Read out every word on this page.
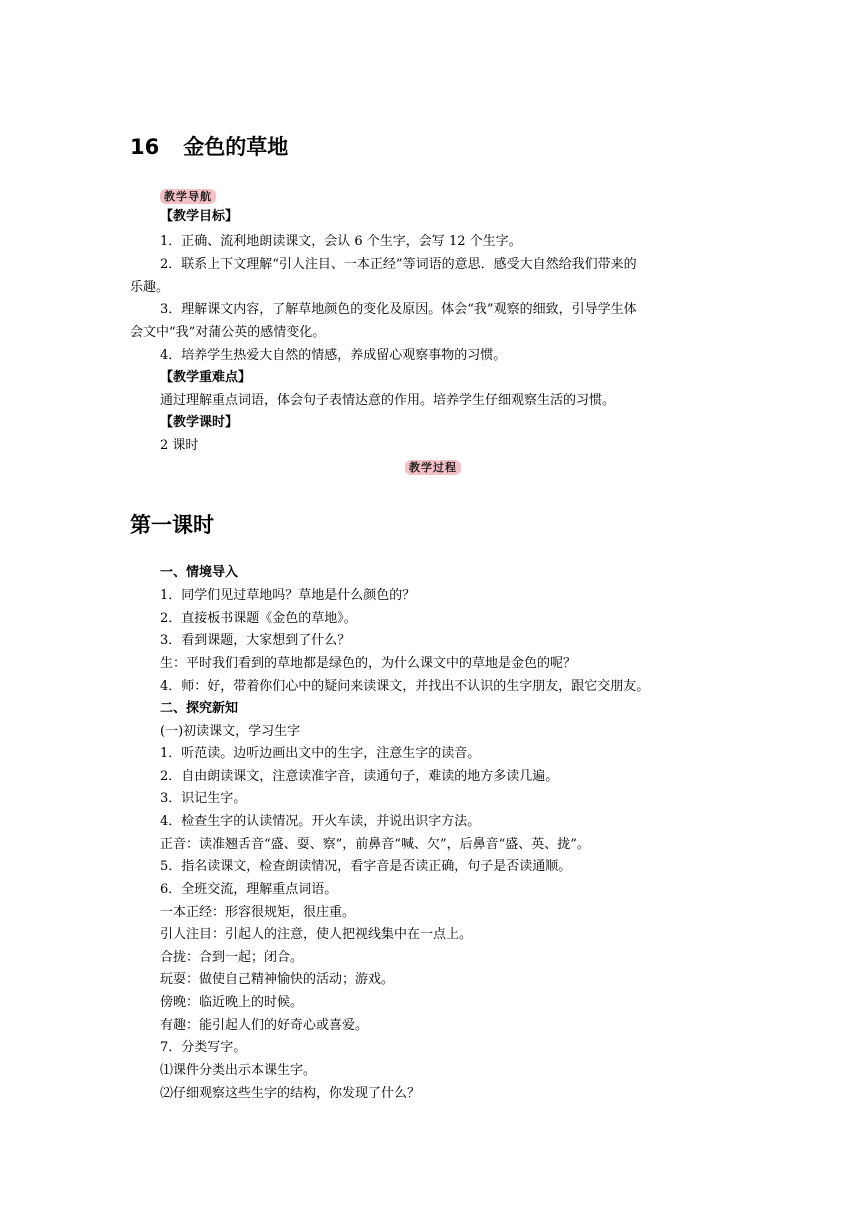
16 金色的草地
教学导航
【教学目标】
1．正确、流利地朗读课文，会认 6 个生字，会写 12 个生字。
2．联系上下文理解“引人注目、一本正经”等词语的意思．感受大自然给我们带来的
乐趣。
3．理解课文内容，了解草地颜色的变化及原因。体会“我”观察的细致，引导学生体
会文中“我”对蒲公英的感情变化。
4．培养学生热爱大自然的情感，养成留心观察事物的习惯。
【教学重难点】
通过理解重点词语，体会句子表情达意的作用。培养学生仔细观察生活的习惯。
【教学课时】
2 课时
教学过程
第一课时
一、情境导入
1．同学们见过草地吗？草地是什么颜色的？
2．直接板书课题《金色的草地》。
3．看到课题，大家想到了什么？
生：平时我们看到的草地都是绿色的，为什么课文中的草地是金色的呢？
4．师：好，带着你们心中的疑问来读课文，并找出不认识的生字朋友，跟它交朋友。
二、探究新知
(一)初读课文，学习生字
1．听范读。边听边画出文中的生字，注意生字的读音。
2．自由朗读课文，注意读准字音，读通句子，难读的地方多读几遍。
3．识记生字。
4．检查生字的认读情况。开火车读，并说出识字方法。
正音：读准翘舌音“盛、耍、察”，前鼻音“喊、欠”，后鼻音“盛、英、拢”。
5．指名读课文，检查朗读情况，看字音是否读正确，句子是否读通顺。
6．全班交流，理解重点词语。
一本正经：形容很规矩，很庄重。
引人注目：引起人的注意，使人把视线集中在一点上。
合拢：合到一起；闭合。
玩耍：做使自己精神愉快的活动；游戏。
傍晚：临近晚上的时候。
有趣：能引起人们的好奇心或喜爱。
7．分类写字。
⑴课件分类出示本课生字。
⑵仔细观察这些生字的结构，你发现了什么？
